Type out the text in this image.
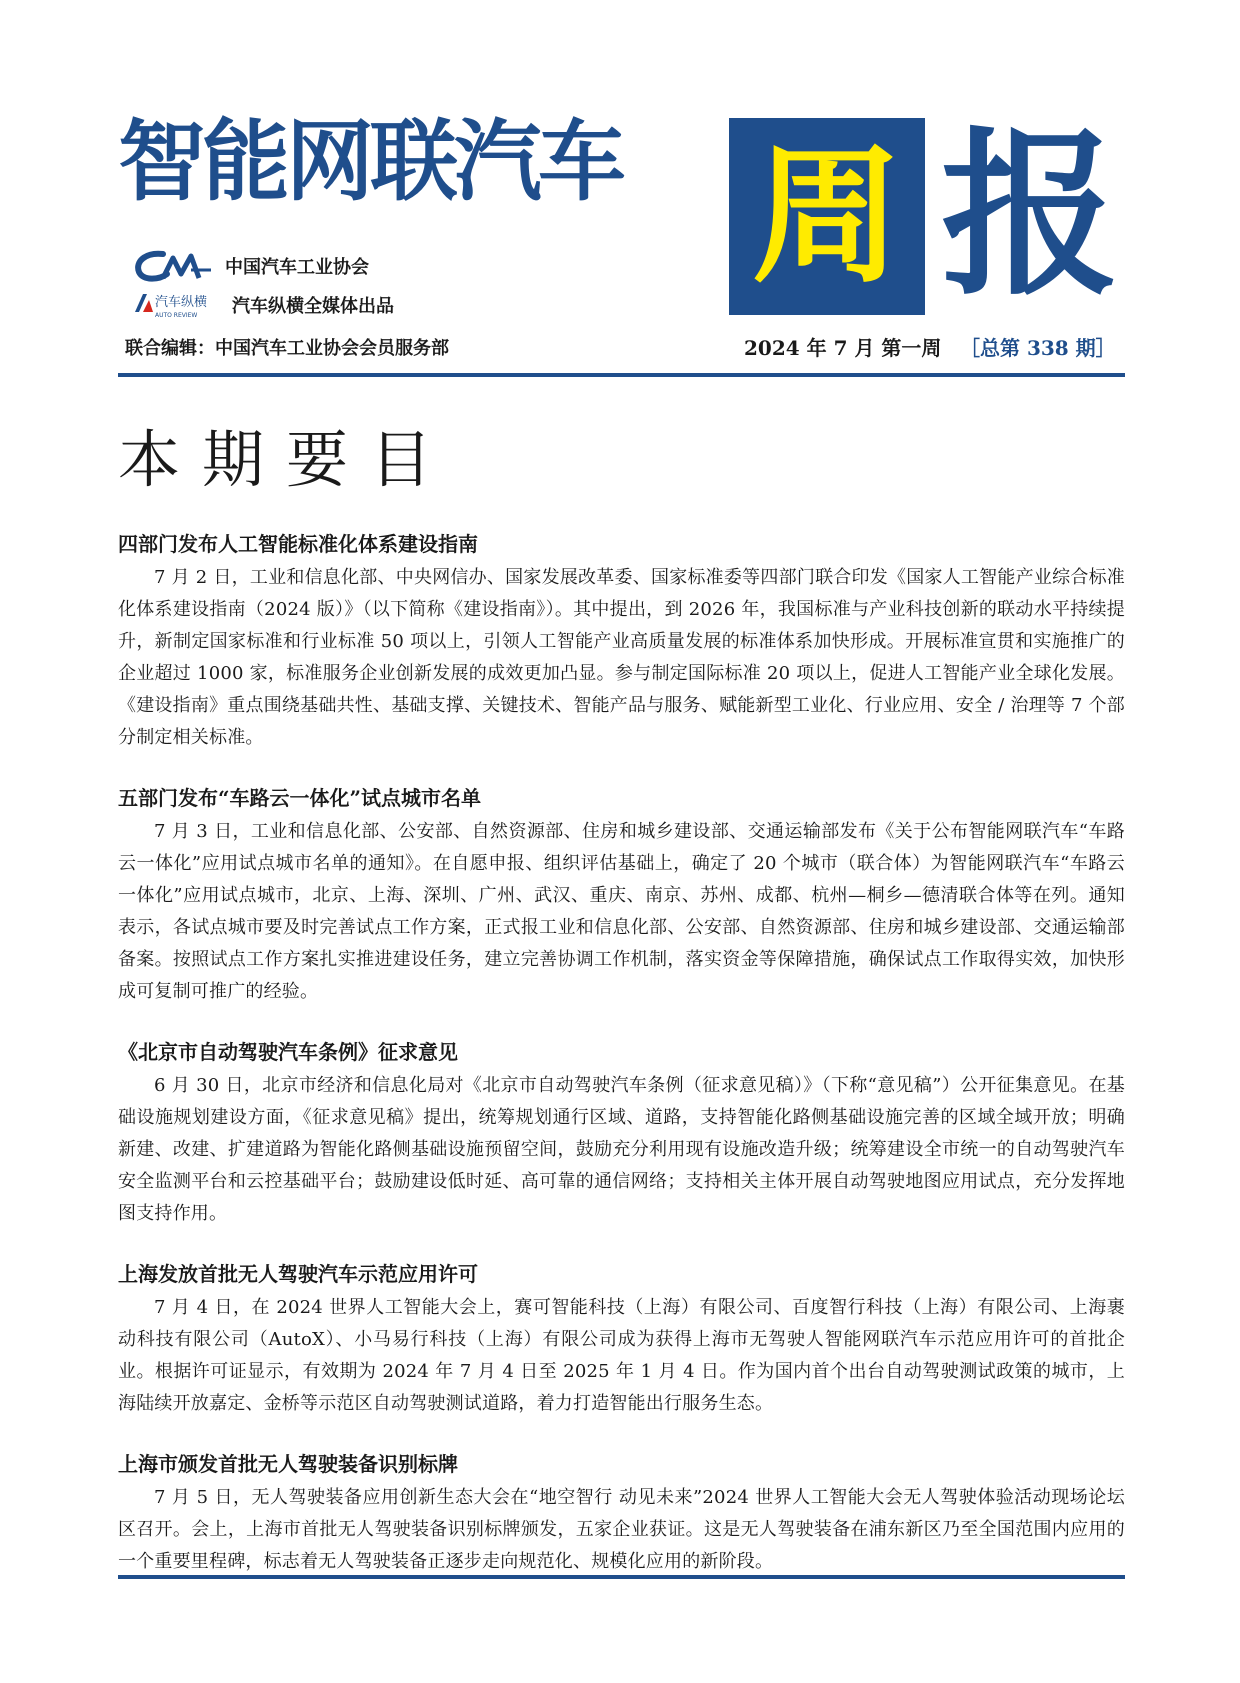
智能网联汽车 周 报
中国汽车工业协会
汽车纵横
AUTO REVIEW 汽车纵横全媒体出品
联合编辑：中国汽车工业协会会员服务部	2024 年 7 月 第一周 ［总第 338 期］
本期要目

四部门发布人工智能标准化体系建设指南

7 月 2 日，工业和信息化部、中央网信办、国家发展改革委、国家标准委等四部门联合印发《国家人工智能产业综合标准化体系建设指南（2024 版）》（以下简称《建设指南》）。其中提出，到 2026 年，我国标准与产业科技创新的联动水平持续提升，新制定国家标准和行业标准 50 项以上，引领人工智能产业高质量发展的标准体系加快形成。开展标准宣贯和实施推广的企业超过 1000 家，标准服务企业创新发展的成效更加凸显。参与制定国际标准 20 项以上，促进人工智能产业全球化发展。《建设指南》重点围绕基础共性、基础支撑、关键技术、智能产品与服务、赋能新型工业化、行业应用、安全 / 治理等 7 个部分制定相关标准。

五部门发布“车路云一体化”试点城市名单

7 月 3 日，工业和信息化部、公安部、自然资源部、住房和城乡建设部、交通运输部发布《关于公布智能网联汽车“车路云一体化”应用试点城市名单的通知》。在自愿申报、组织评估基础上，确定了 20 个城市（联合体）为智能网联汽车“车路云一体化”应用试点城市，北京、上海、深圳、广州、武汉、重庆、南京、苏州、成都、杭州—桐乡—德清联合体等在列。通知表示，各试点城市要及时完善试点工作方案，正式报工业和信息化部、公安部、自然资源部、住房和城乡建设部、交通运输部备案。按照试点工作方案扎实推进建设任务，建立完善协调工作机制，落实资金等保障措施，确保试点工作取得实效，加快形成可复制可推广的经验。

《北京市自动驾驶汽车条例》征求意见

6 月 30 日，北京市经济和信息化局对《北京市自动驾驶汽车条例（征求意见稿）》（下称“意见稿”）公开征集意见。在基础设施规划建设方面，《征求意见稿》提出，统筹规划通行区域、道路，支持智能化路侧基础设施完善的区域全域开放；明确新建、改建、扩建道路为智能化路侧基础设施预留空间，鼓励充分利用现有设施改造升级；统筹建设全市统一的自动驾驶汽车安全监测平台和云控基础平台；鼓励建设低时延、高可靠的通信网络；支持相关主体开展自动驾驶地图应用试点，充分发挥地图支持作用。

上海发放首批无人驾驶汽车示范应用许可

7 月 4 日，在 2024 世界人工智能大会上，赛可智能科技（上海）有限公司、百度智行科技（上海）有限公司、上海裹动科技有限公司（AutoX）、小马易行科技（上海）有限公司成为获得上海市无驾驶人智能网联汽车示范应用许可的首批企业。根据许可证显示，有效期为 2024 年 7 月 4 日至 2025 年 1 月 4 日。作为国内首个出台自动驾驶测试政策的城市，上海陆续开放嘉定、金桥等示范区自动驾驶测试道路，着力打造智能出行服务生态。

上海市颁发首批无人驾驶装备识别标牌

7 月 5 日，无人驾驶装备应用创新生态大会在“地空智行 动见未来”2024 世界人工智能大会无人驾驶体验活动现场论坛区召开。会上，上海市首批无人驾驶装备识别标牌颁发，五家企业获证。这是无人驾驶装备在浦东新区乃至全国范围内应用的一个重要里程碑，标志着无人驾驶装备正逐步走向规范化、规模化应用的新阶段。
